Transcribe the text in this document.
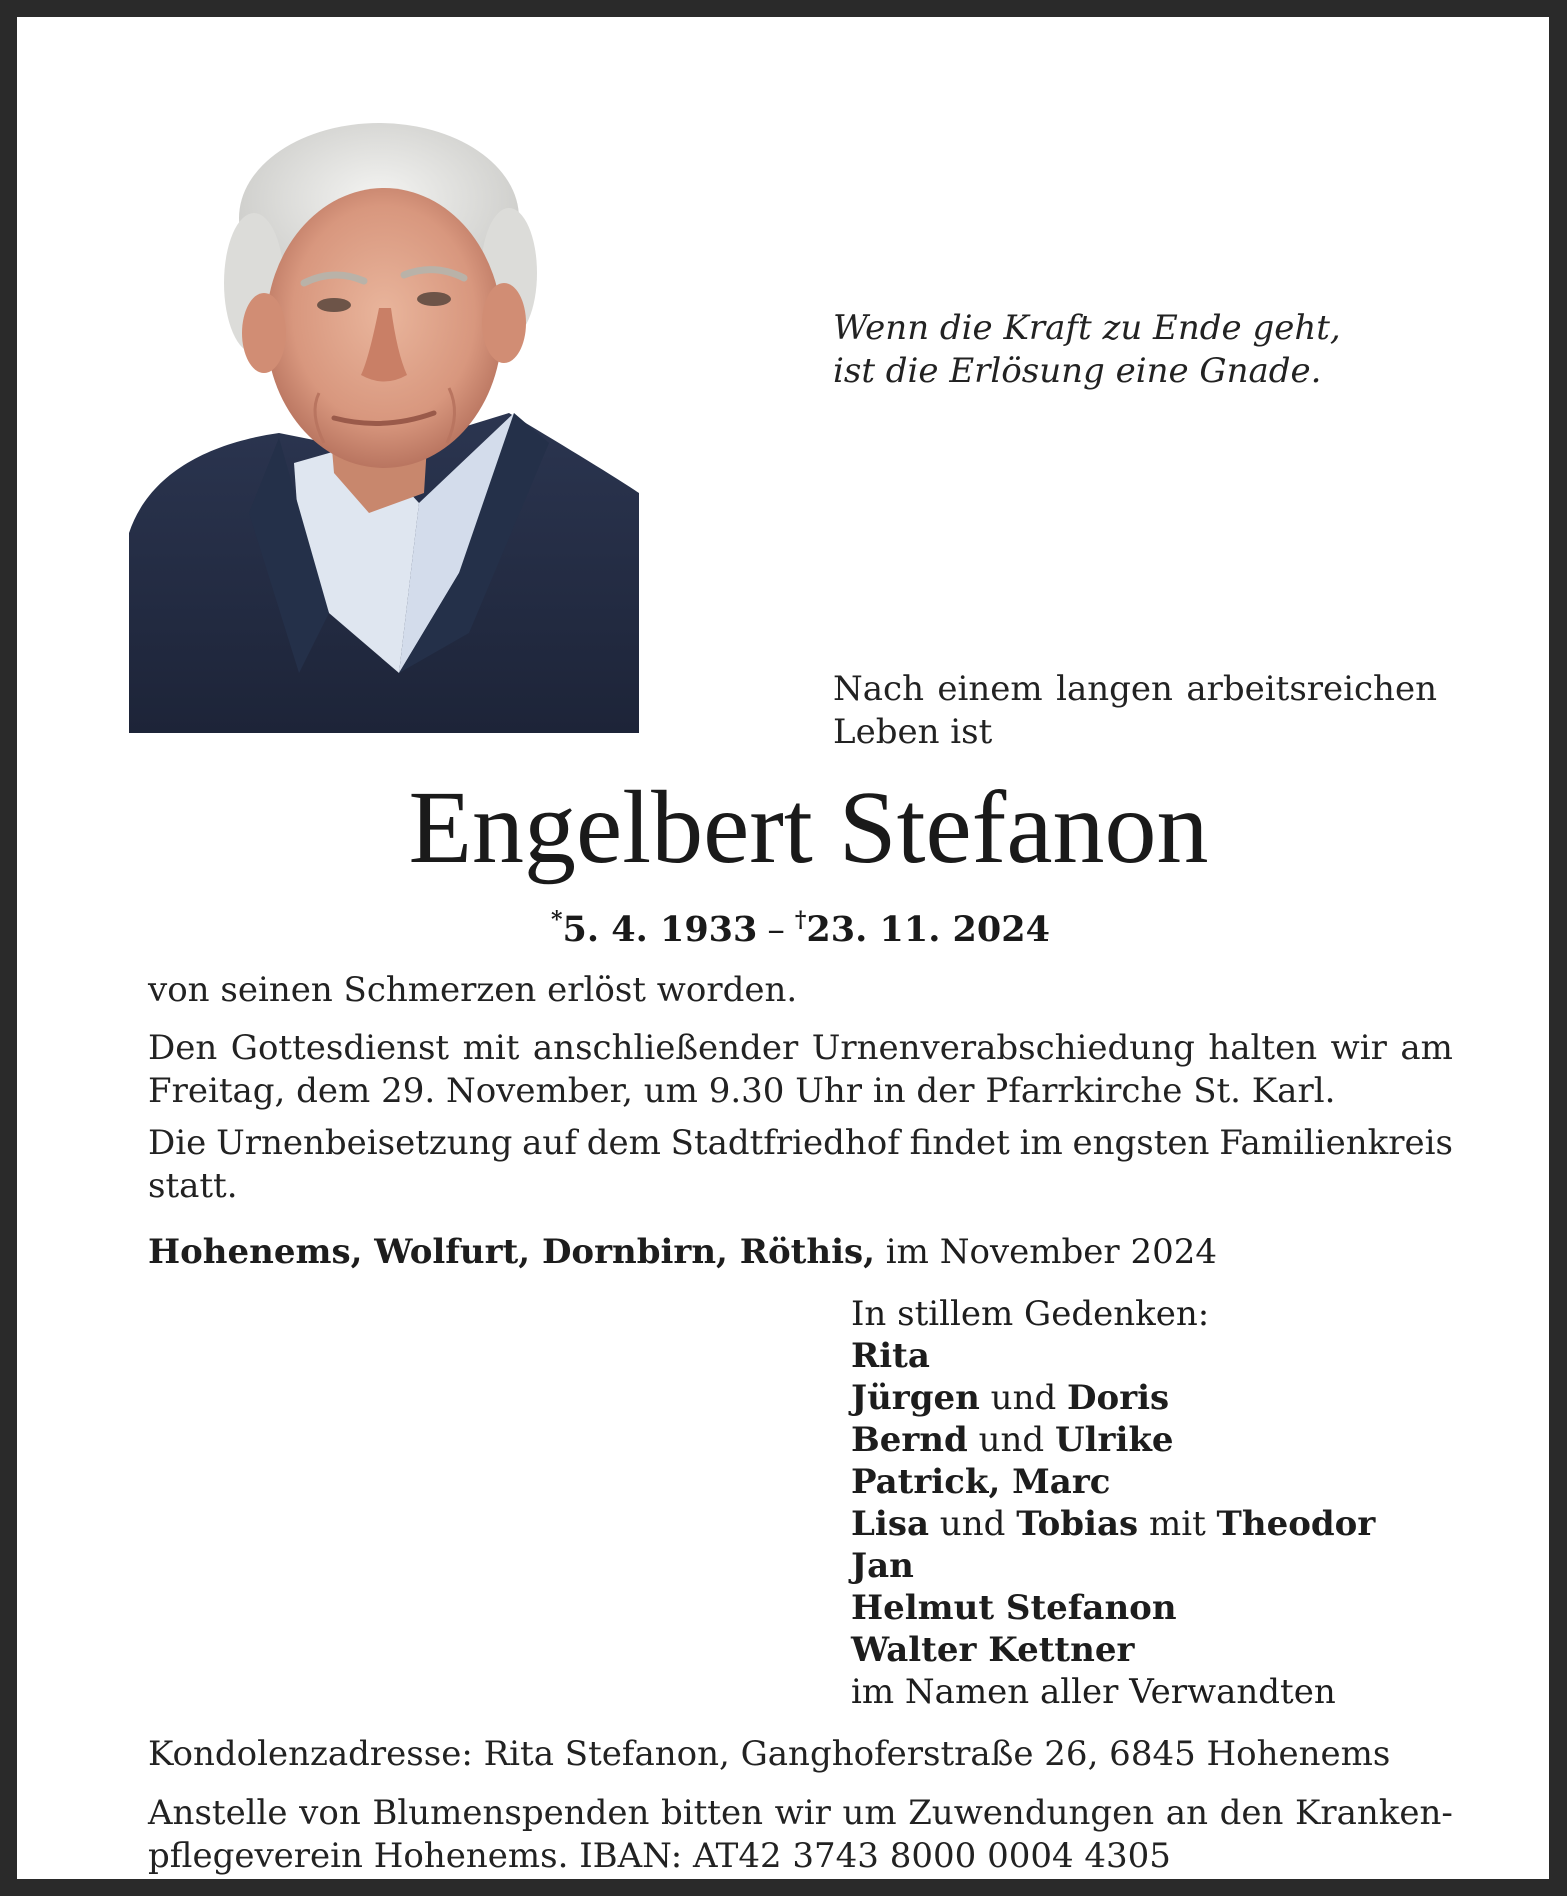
Wenn die Kraft zu Ende geht,
ist die Erlösung eine Gnade.
Nach einem langen arbeitsreichen
Leben ist
Engelbert Stefanon
*5. 4. 1933 – †23. 11. 2024
von seinen Schmerzen erlöst worden.
Den Gottesdienst mit anschließender Urnenverabschiedung halten wir am
Freitag, dem 29. November, um 9.30 Uhr in der Pfarrkirche St. Karl.
Die Urnenbeisetzung auf dem Stadtfriedhof findet im engsten Familienkreis
statt.
Hohenems, Wolfurt, Dornbirn, Röthis, im November 2024
In stillem Gedenken:
Rita
Jürgen und Doris
Bernd und Ulrike
Patrick, Marc
Lisa und Tobias mit Theodor
Jan
Helmut Stefanon
Walter Kettner
im Namen aller Verwandten
Kondolenzadresse: Rita Stefanon, Ganghoferstraße 26, 6845 Hohenems
Anstelle von Blumenspenden bitten wir um Zuwendungen an den Kranken-
pflegeverein Hohenems. IBAN: AT42 3743 8000 0004 4305
